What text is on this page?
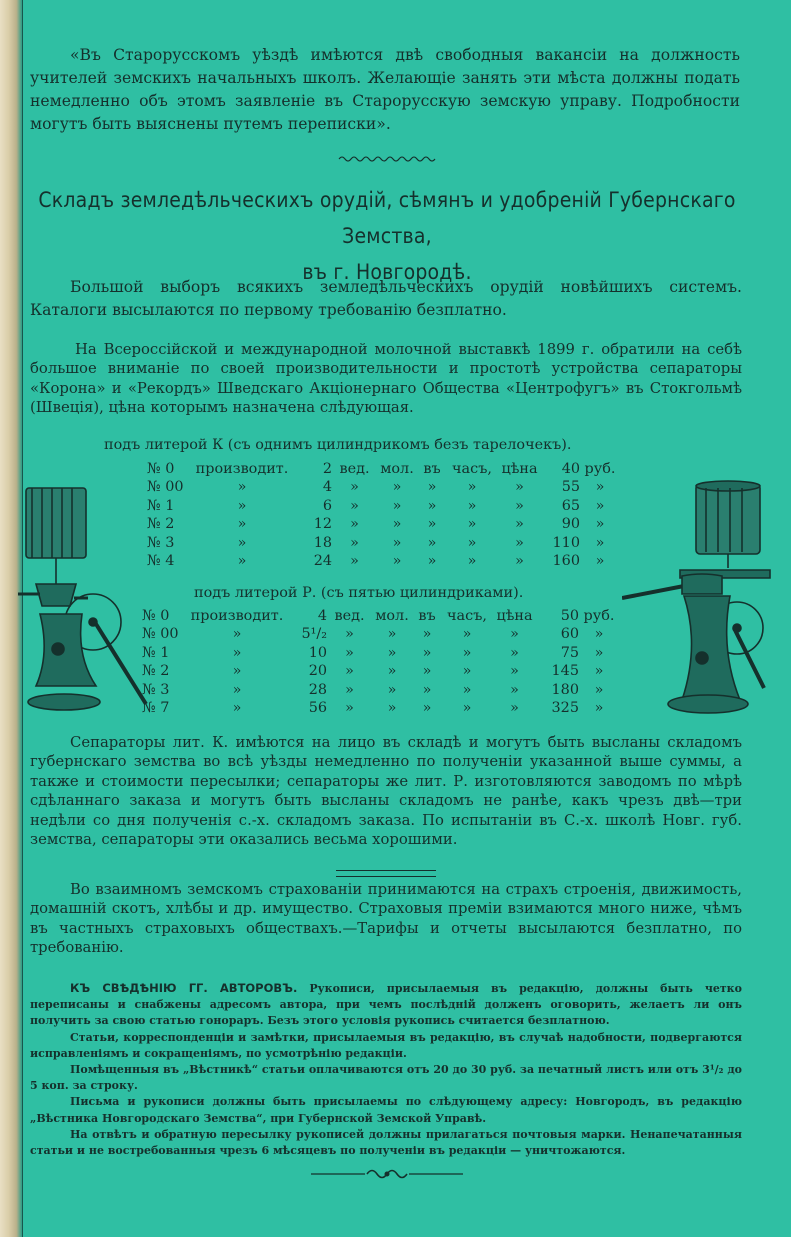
«Въ Старорусскомъ уѣздѣ имѣются двѣ свободныя вакансіи на должность учителей земскихъ начальныхъ школъ. Желающіе занять эти мѣста должны подать немедленно объ этомъ заявленіе въ Старорусскую земскую управу. Подробности могутъ быть выяснены путемъ переписки».

Складъ земледѣльческихъ орудій, сѣмянъ и удобреній Губернскаго Земства,
въ г. Новгородѣ.

Большой выборъ всякихъ земледѣльческихъ орудій новѣйшихъ системъ. Каталоги высылаются по первому требованію безплатно.

На Всероссійской и международной молочной выставкѣ 1899 г. обратили на себѣ большое вниманіе по своей производительности и простотѣ устройства сепараторы «Корона» и «Рекордъ» Шведскаго Акціонернаго Общества «Центрофугъ» въ Стокгольмѣ (Швеція), цѣна которымъ назначена слѣдующая.

подъ литерой К (съ однимъ цилиндрикомъ безъ тарелочекъ).
№ 0	производит.	2	вед.	мол.	въ	часъ,	цѣна	40	руб.
№ 00	»	4	»	»	»	»	»	55	»
№ 1	»	6	»	»	»	»	»	65	»
№ 2	»	12	»	»	»	»	»	90	»
№ 3	»	18	»	»	»	»	»	110	»
№ 4	»	24	»	»	»	»	»	160	»
подъ литерой Р. (съ пятью цилиндриками).
№ 0	производит.	4	вед.	мол.	въ	часъ,	цѣна	50	руб.
№ 00	»	5¹/₂	»	»	»	»	»	60	»
№ 1	»	10	»	»	»	»	»	75	»
№ 2	»	20	»	»	»	»	»	145	»
№ 3	»	28	»	»	»	»	»	180	»
№ 7	»	56	»	»	»	»	»	325	»

Сепараторы лит. К. имѣются на лицо въ складѣ и могутъ быть высланы складомъ губернскаго земства во всѣ уѣзды немедленно по полученіи указанной выше суммы, а также и стоимости пересылки; сепараторы же лит. Р. изготовляются заводомъ по мѣрѣ сдѣланнаго заказа и могутъ быть высланы складомъ не ранѣе, какъ чрезъ двѣ—три недѣли со дня полученія с.-х. складомъ заказа. По испытаніи въ С.-х. школѣ Новг. губ. земства, сепараторы эти оказались весьма хорошими.

Во взаимномъ земскомъ страхованіи принимаются на страхъ строенія, движимость, домашній скотъ, хлѣбы и др. имущество. Страховыя преміи взимаются много ниже, чѣмъ въ частныхъ страховыхъ обществахъ.—Тарифы и отчеты высылаются безплатно, по требованію.

КЪ СВѢДѢНІЮ ГГ. АВТОРОВЪ. Рукописи, присылаемыя въ редакцію, должны быть четко переписаны и снабжены адресомъ автора, при чемъ послѣдній долженъ оговорить, желаетъ ли онъ получить за свою статью гонораръ. Безъ этого условія рукопись считается безплатною.

Статьи, корреспонденціи и замѣтки, присылаемыя въ редакцію, въ случаѣ надобности, подвергаются исправленіямъ и сокращеніямъ, по усмотрѣнію редакціи.

Помѣщенныя въ „Вѣстникѣ“ статьи оплачиваются отъ 20 до 30 руб. за печатный листъ или отъ 3¹/₂ до 5 коп. за строку.

Письма и рукописи должны быть присылаемы по слѣдующему адресу: Новгородъ, въ редакцію „Вѣстника Новгородскаго Земства“, при Губернской Земской Управѣ.

На отвѣтъ и обратную пересылку рукописей должны прилагаться почтовыя марки. Ненапечатанныя статьи и не востребованныя чрезъ 6 мѣсяцевъ по полученіи въ редакціи — уничтожаются.
